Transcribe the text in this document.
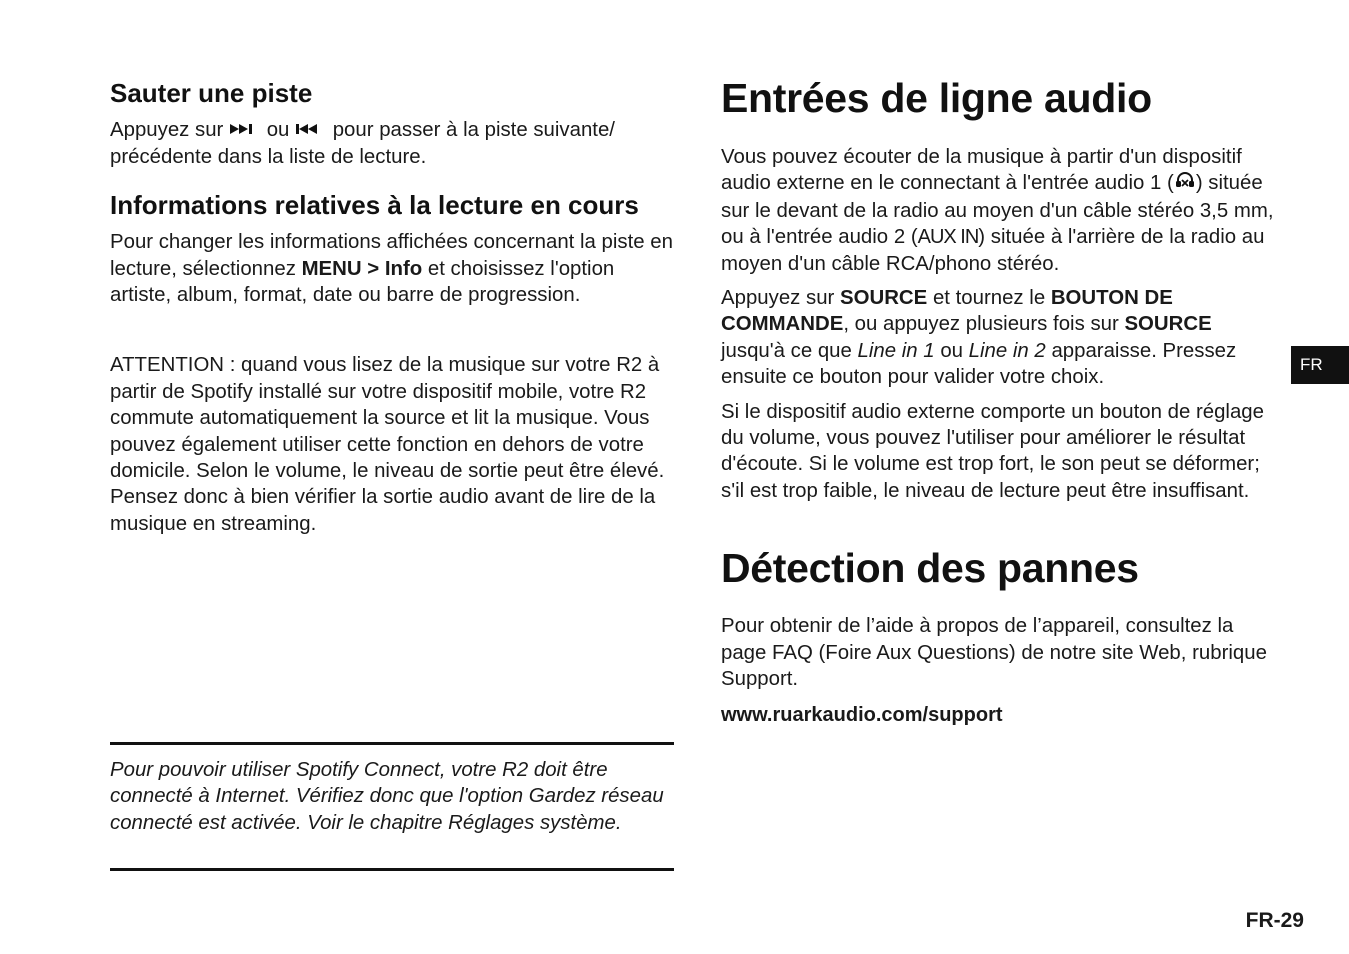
Sauter une piste

Appuyez sur ou pour passer à la piste suivante/ précédente dans la liste de lecture.

Informations relatives à la lecture en cours

Pour changer les informations affichées concernant la piste en lecture, sélectionnez MENU > Info et choisissez l'option artiste, album, format, date ou barre de progression.

ATTENTION : quand vous lisez de la musique sur votre R2 à partir de Spotify installé sur votre dispositif mobile, votre R2 commute automatiquement la source et lit la musique. Vous pouvez également utiliser cette fonction en dehors de votre domicile. Selon le volume, le niveau de sortie peut être élevé. Pensez donc à bien vérifier la sortie audio avant de lire de la musique en streaming.

Pour pouvoir utiliser Spotify Connect, votre R2 doit être connecté à Internet. Vérifiez donc que l'option Gardez réseau connecté est activée. Voir le chapitre Réglages système.
Entrées de ligne audio

Vous pouvez écouter de la musique à partir d'un dispositif audio externe en le connectant à l'entrée audio 1 ( ) située sur le devant de la radio au moyen d'un câble stéréo 3,5 mm, ou à l'entrée audio 2 (AUX IN) située à l'arrière de la radio au moyen d'un câble RCA/phono stéréo.

Appuyez sur SOURCE et tournez le BOUTON DE COMMANDE, ou appuyez plusieurs fois sur SOURCE jusqu'à ce que Line in 1 ou Line in 2 apparaisse. Pressez ensuite ce bouton pour valider votre choix.

Si le dispositif audio externe comporte un bouton de réglage du volume, vous pouvez l'utiliser pour améliorer le résultat d'écoute. Si le volume est trop fort, le son peut se déformer; s'il est trop faible, le niveau de lecture peut être insuffisant.

Détection des pannes

Pour obtenir de l’aide à propos de l’appareil, consultez la page FAQ (Foire Aux Questions) de notre site Web, rubrique Support.

www.ruarkaudio.com/support

FR
FR-29
